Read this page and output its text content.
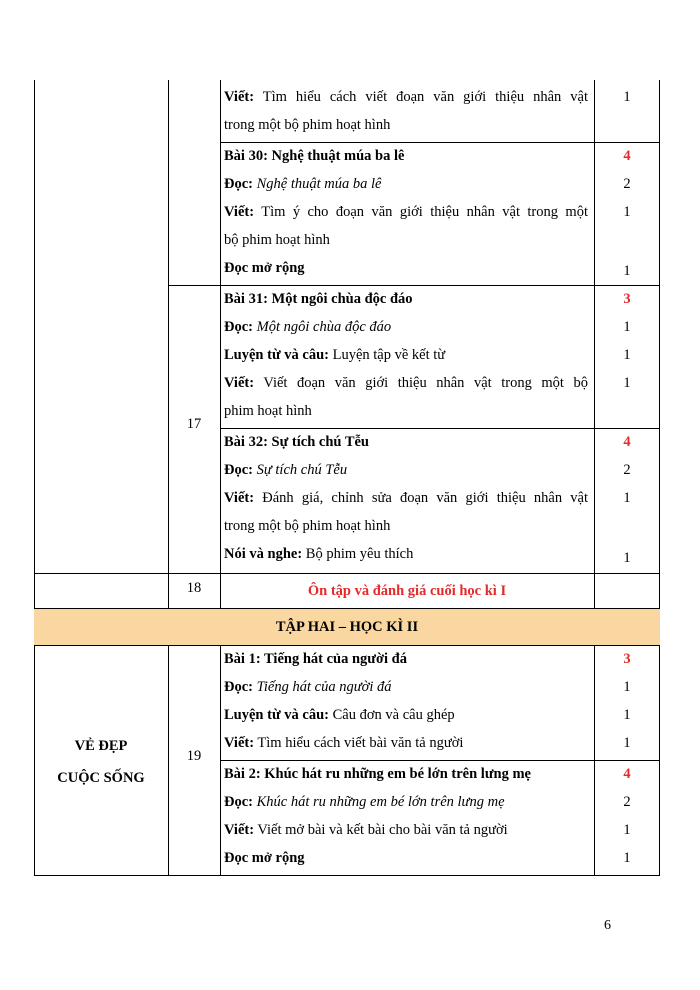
Viết: Tìm hiểu cách viết đoạn văn giới thiệu nhân vật
trong một bộ phim hoạt hình
1
Bài 30: Nghệ thuật múa ba lê	4
Đọc: Nghệ thuật múa ba lê	2
Viết: Tìm ý cho đoạn văn giới thiệu nhân vật trong một
bộ phim hoạt hình
1
Đọc mở rộng	1
17
Bài 31: Một ngôi chùa độc đáo	3
Đọc: Một ngôi chùa độc đáo	1
Luyện từ và câu: Luyện tập về kết từ	1
Viết: Viết đoạn văn giới thiệu nhân vật trong một bộ
phim hoạt hình
1
Bài 32: Sự tích chú Tễu	4
Đọc: Sự tích chú Tễu	2
Viết: Đánh giá, chỉnh sửa đoạn văn giới thiệu nhân vật
trong một bộ phim hoạt hình
1
Nói và nghe: Bộ phim yêu thích	1
18	Ôn tập và đánh giá cuối học kì I
TẬP HAI – HỌC KÌ II
VẺ ĐẸP
CUỘC SỐNG
19
Bài 1: Tiếng hát của người đá	3
Đọc: Tiếng hát của người đá	1
Luyện từ và câu: Câu đơn và câu ghép	1
Viết: Tìm hiểu cách viết bài văn tả người	1
Bài 2: Khúc hát ru những em bé lớn trên lưng mẹ	4
Đọc: Khúc hát ru những em bé lớn trên lưng mẹ	2
Viết: Viết mở bài và kết bài cho bài văn tả người	1
Đọc mở rộng	1
6
